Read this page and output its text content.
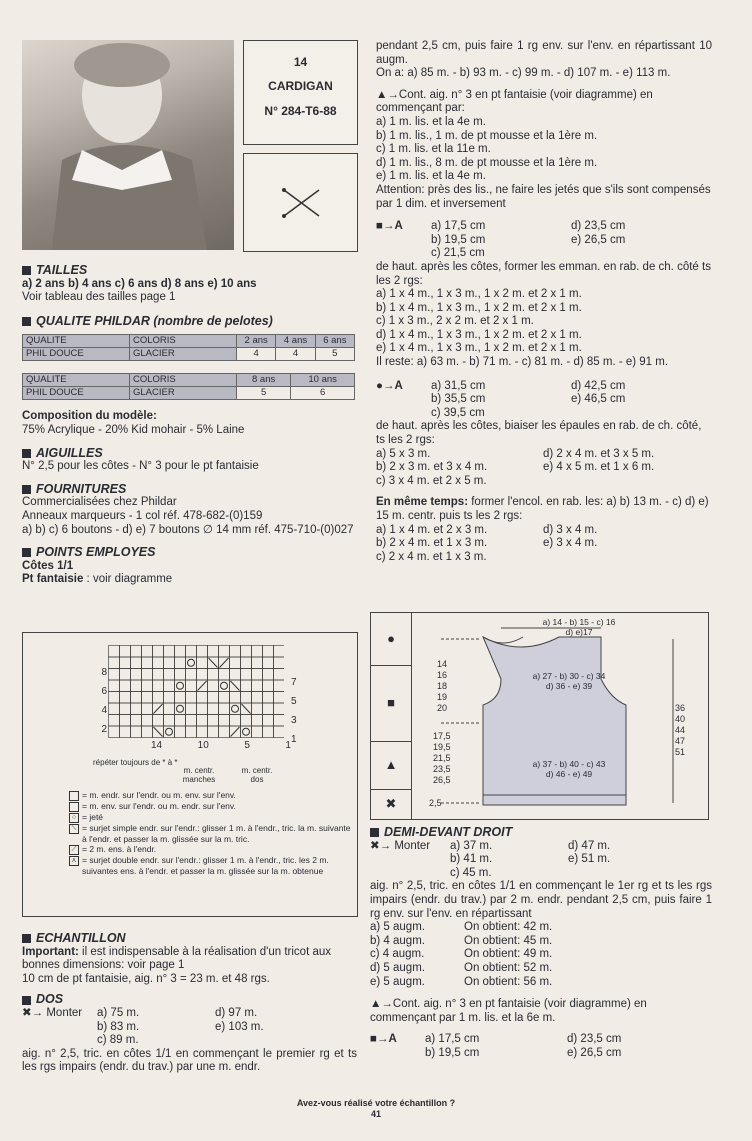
14
CARDIGAN
N° 284-T6-88
TAILLES

a) 2 ans b) 4 ans c) 6 ans d) 8 ans e) 10 ans

Voir tableau des tailles page 1

QUALITE PHILDAR (nombre de pelotes)
QUALITE	COLORIS	2 ans	4 ans	6 ans
PHIL DOUCE	GLACIER	4	4	5
QUALITE	COLORIS	8 ans	10 ans
PHIL DOUCE	GLACIER	5	6

Composition du modèle:

75% Acrylique - 20% Kid mohair - 5% Laine

AIGUILLES

N° 2,5 pour les côtes - N° 3 pour le pt fantaisie

FOURNITURES

Commercialisées chez Phildar

Anneaux marqueurs - 1 col réf. 478-682-(0)159

a) b) c) 6 boutons - d) e) 7 boutons ∅ 14 mm réf. 475-710-(0)027

POINTS EMPLOYES

Côtes 1/1

Pt fantaisie : voir diagramme

8
6
4
2
7
5
3
1
14	10	5	1
répéter toujours de * à *
m. centr. manches
m. centr. dos
= m. endr. sur l'endr. ou m. env. sur l'env.
= m. env. sur l'endr. ou m. endr. sur l'env.
○ = jeté
⟍ = surjet simple endr. sur l'endr.: glisser 1 m. à l'endr., tric. la m. suivante à l'endr. et passer la m. glissée sur la m. tric.
⟋ = 2 m. ens. à l'endr.
⋏ = surjet double endr. sur l'endr.: glisser 1 m. à l'endr., tric. les 2 m. suivantes ens. à l'endr. et passer la m. glissée sur la m. obtenue
ECHANTILLON

Important: il est indispensable à la réalisation d'un tricot aux bonnes dimensions: voir page 1

10 cm de pt fantaisie, aig. n° 3 = 23 m. et 48 rgs.

DOS
✖→ Monter	a) 75 m.	d) 97 m.
b) 83 m.	e) 103 m.
c) 89 m.

aig. n° 2,5, tric. en côtes 1/1 en commençant le premier rg et ts les rgs impairs (endr. du trav.) par une m. endr.

pendant 2,5 cm, puis faire 1 rg env. sur l'env. en répartissant 10 augm.

On a: a) 85 m. - b) 93 m. - c) 99 m. - d) 107 m. - e) 113 m.

▲→Cont. aig. n° 3 en pt fantaisie (voir diagramme) en commençant par:

a) 1 m. lis. et la 4e m.

b) 1 m. lis., 1 m. de pt mousse et la 1ère m.

c) 1 m. lis. et la 11e m.

d) 1 m. lis., 8 m. de pt mousse et la 1ère m.

e) 1 m. lis. et la 4e m.

Attention: près des lis., ne faire les jetés que s'ils sont compensés par 1 dim. et inversement

■→A	a) 17,5 cm	d) 23,5 cm
b) 19,5 cm	e) 26,5 cm
c) 21,5 cm

de haut. après les côtes, former les emman. en rab. de ch. côté ts les 2 rgs:

a) 1 x 4 m., 1 x 3 m., 1 x 2 m. et 2 x 1 m.

b) 1 x 4 m., 1 x 3 m., 1 x 2 m. et 2 x 1 m.

c) 1 x 3 m., 2 x 2 m. et 2 x 1 m.

d) 1 x 4 m., 1 x 3 m., 1 x 2 m. et 2 x 1 m.

e) 1 x 4 m., 1 x 3 m., 1 x 2 m. et 2 x 1 m.

Il reste: a) 63 m. - b) 71 m. - c) 81 m. - d) 85 m. - e) 91 m.

●→A	a) 31,5 cm	d) 42,5 cm
b) 35,5 cm	e) 46,5 cm
c) 39,5 cm

de haut. après les côtes, biaiser les épaules en rab. de ch. côté, ts les 2 rgs:

a) 5 x 3 m.	d) 2 x 4 m. et 3 x 5 m.
b) 2 x 3 m. et 3 x 4 m.	e) 4 x 5 m. et 1 x 6 m.
c) 3 x 4 m. et 2 x 5 m.

En même temps: former l'encol. en rab. les: a) b) 13 m. - c) d) e) 15 m. centr. puis ts les 2 rgs:

a) 1 x 4 m. et 2 x 3 m.	d) 3 x 4 m.
b) 2 x 4 m. et 1 x 3 m.	e) 3 x 4 m.
c) 2 x 4 m. et 1 x 3 m.
●
■
▲
✖
a) 14 - b) 15 - c) 16
d) e)17
a) 27 - b) 30 - c) 34
d) 36 - e) 39
a) 37 - b) 40 - c) 43
d) 46 - e) 49
14
16
18
19
20
17,5
19,5
21,5
23,5
26,5
2,5
36
40
44
47
51
DEMI-DEVANT DROIT
✖→ Monter	a) 37 m.	d) 47 m.
b) 41 m.	e) 51 m.
c) 45 m.

aig. n° 2,5, tric. en côtes 1/1 en commençant le 1er rg et ts les rgs impairs (endr. du trav.) par 2 m. endr. pendant 2,5 cm, puis faire 1 rg env. sur l'env. en répartissant

a) 5 augm.	On obtient: 42 m.
b) 4 augm.	On obtient: 45 m.
c) 4 augm.	On obtient: 49 m.
d) 5 augm.	On obtient: 52 m.
e) 5 augm.	On obtient: 56 m.

▲→Cont. aig. n° 3 en pt fantaisie (voir diagramme) en commençant par 1 m. lis. et la 6e m.

■→A	a) 17,5 cm	d) 23,5 cm
b) 19,5 cm	e) 26,5 cm
Avez-vous réalisé votre échantillon ?
41
